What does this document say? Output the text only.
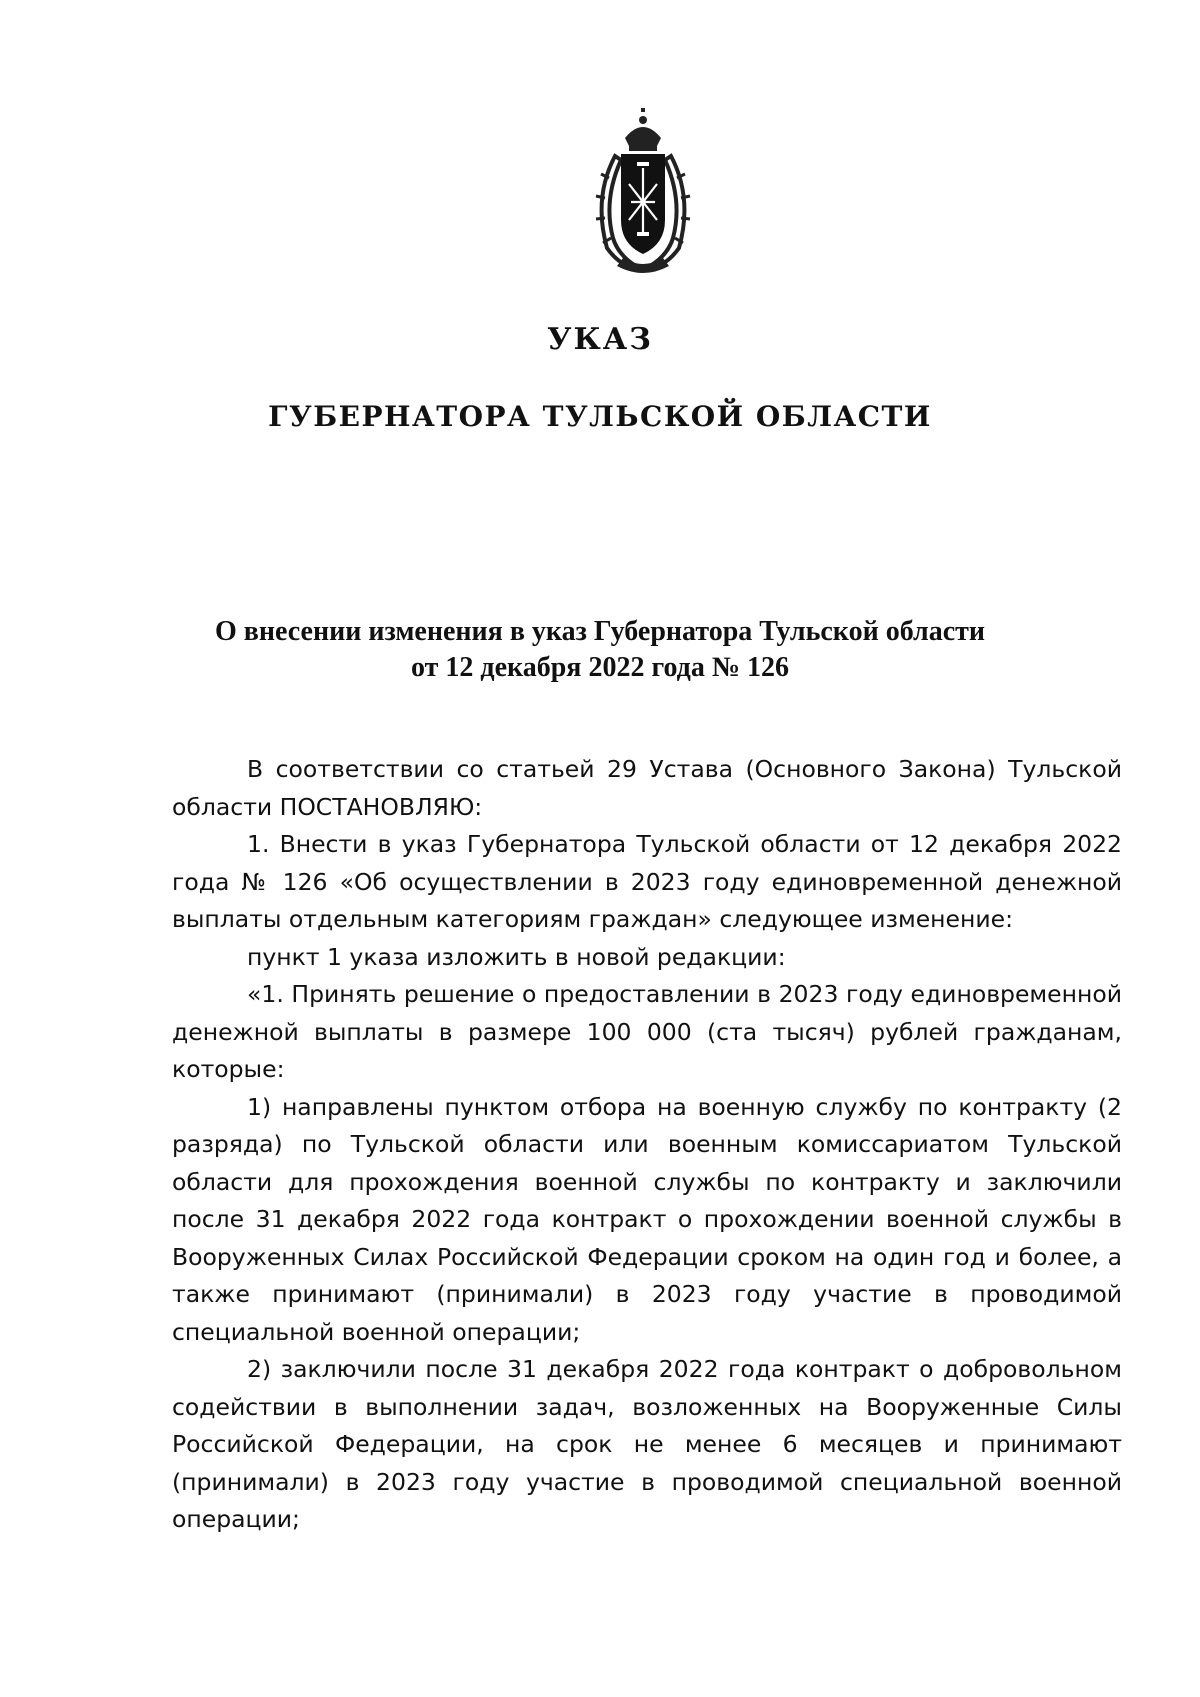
УКАЗ
ГУБЕРНАТОРА ТУЛЬСКОЙ ОБЛАСТИ
О внесении изменения в указ Губернатора Тульской области
от 12 декабря 2022 года № 126

В соответствии со статьей 29 Устава (Основного Закона) Тульской области ПОСТАНОВЛЯЮ:

1. Внести в указ Губернатора Тульской области от 12 декабря 2022 года № 126 «Об осуществлении в 2023 году единовременной денежной выплаты отдельным категориям граждан» следующее изменение:

пункт 1 указа изложить в новой редакции:

«1. Принять решение о предоставлении в 2023 году единовременной денежной выплаты в размере 100 000 (ста тысяч) рублей гражданам, которые:

1) направлены пунктом отбора на военную службу по контракту (2 разряда) по Тульской области или военным комиссариатом Тульской области для прохождения военной службы по контракту и заключили после 31 декабря 2022 года контракт о прохождении военной службы в Вооруженных Силах Российской Федерации сроком на один год и более, а также принимают (принимали) в 2023 году участие в проводимой специальной военной операции;

2) заключили после 31 декабря 2022 года контракт о добровольном содействии в выполнении задач, возложенных на Вооруженные Силы Российской Федерации, на срок не менее 6 месяцев и принимают (принимали) в 2023 году участие в проводимой специальной военной операции;
